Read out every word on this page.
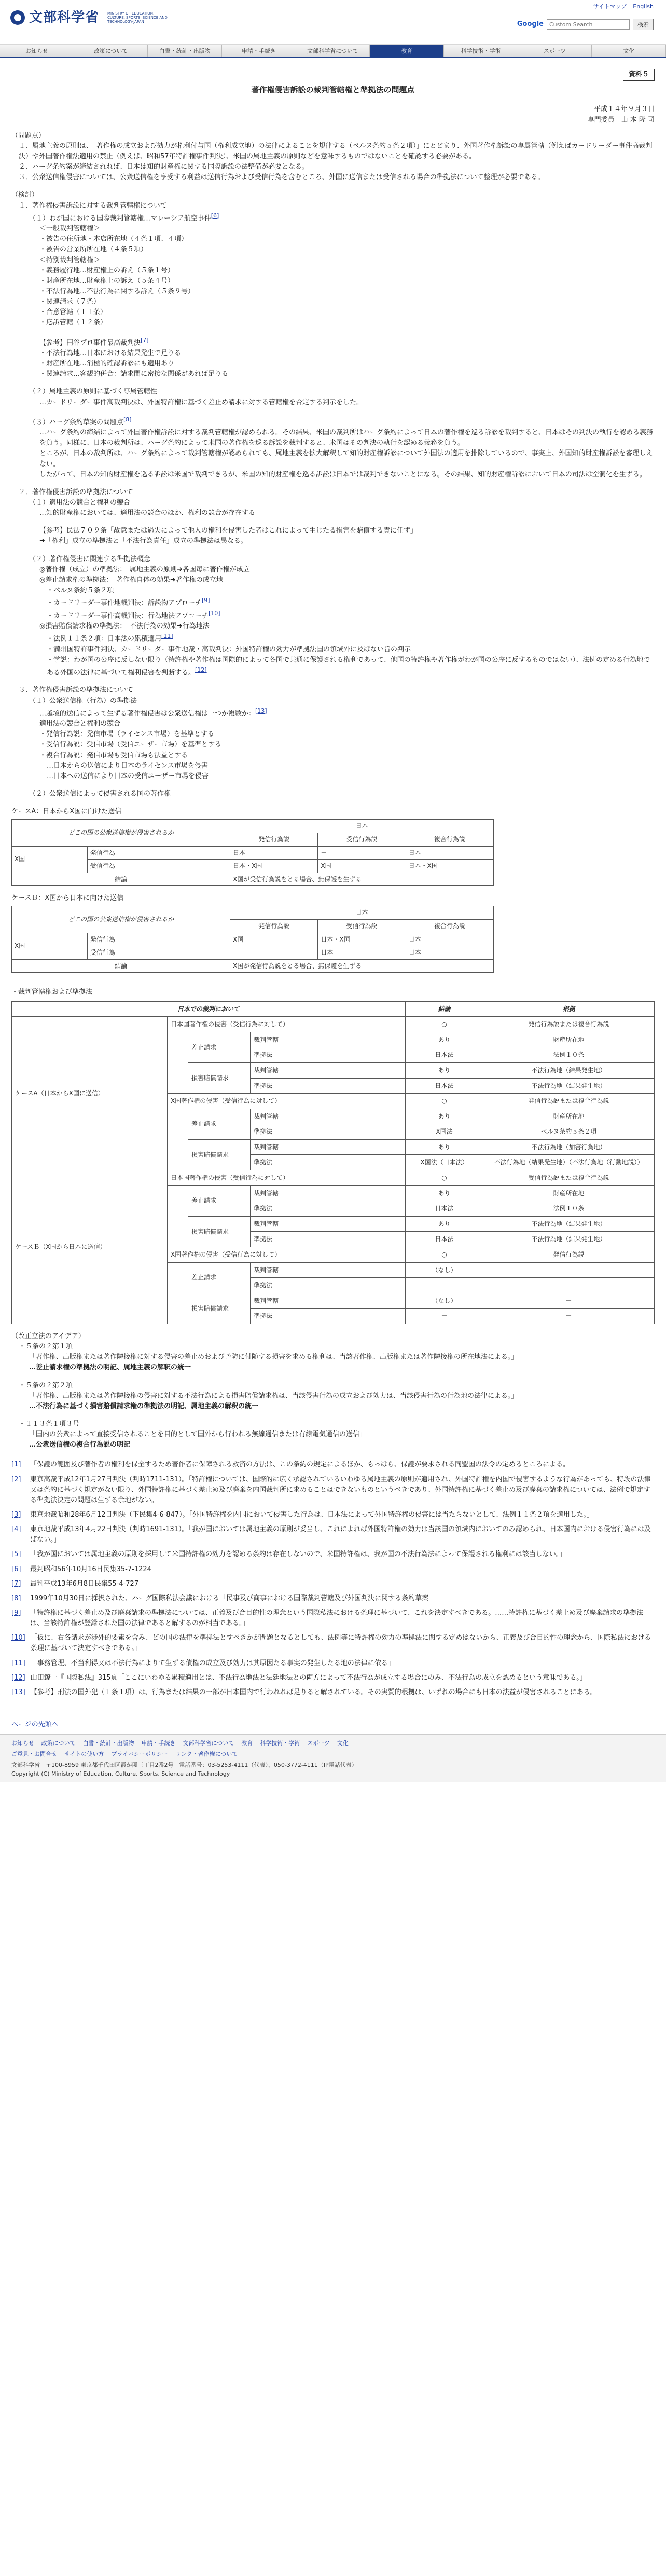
文部科学省 MINISTRY OF EDUCATION, CULTURE, SPORTS, SCIENCE AND TECHNOLOGY-JAPAN
サイトマップ English
Google
Custom Search	検索
お知らせ	政策について	白書・統計・出版物	申請・手続き	文部科学省について	教育	科学技術・学術	スポーツ	文化
資料５
著作権侵害訴訟の裁判管轄権と準拠法の問題点
平成１４年９月３日
専門委員　山 本 隆 司

（問題点）

１．属地主義の原則は、「著作権の成立および効力が権利付与国（権利成立地）の法律によることを規律する（ベルヌ条約５条２項）」にとどまり、外国著作権訴訟の専属管轄（例えばカードリーダー事件高裁判決）や外国著作権法適用の禁止（例えば、昭和57年特許権事件判決）、米国の属地主義の原則などを意味するものではないことを確認する必要がある。

２．ハーグ条約案が締結されれば、日本は知的財産権に関する国際訴訟の法整備が必要となる。

３．公衆送信権侵害については、公衆送信権を享受する利益は送信行為および受信行為を含むところ、外国に送信または受信される場合の準拠法について整理が必要である。

（検討）

１．著作権侵害訴訟に対する裁判管轄権について

（１）わが国における国際裁判管轄権…マレーシア航空事件[6]

＜一般裁判管轄権＞
・被告の住所地・本店所在地（４条１項、４項）
・被告の営業所所在地（４条５項）
＜特別裁判管轄権＞
・義務履行地…財産権上の訴え（５条１号）
・財産所在地…財産権上の訴え（５条４号）
・不法行為地…不法行為に関する訴え（５条９号）
・関連請求（７条）
・合意管轄（１１条）
・応訴管轄（１２条）
【参考】円谷プロ事件最高裁判決[7]
・不法行為地…日本における結果発生で足りる
・財産所在地…消極的確認訴訟にも適用あり
・関連請求…客観的併合：請求間に密接な関係があれば足りる

（２）属地主義の原則に基づく専属管轄性

…カードリーダー事件高裁判決は、外国特許権に基づく差止め請求に対する管轄権を否定する判示をした。

（３）ハーグ条約草案の問題点[8]

…ハーグ条約の締結によって外国著作権訴訟に対する裁判管轄権が認められる。その結果、米国の裁判所はハーグ条約によって日本の著作権を巡る訴訟を裁判すると、日本はその判決の執行を認める義務を負う。同様に、日本の裁判所は、ハーグ条約によって米国の著作権を巡る訴訟を裁判すると、米国はその判決の執行を認める義務を負う。

ところが、日本の裁判所は、ハーグ条約によって裁判管轄権が認められても、属地主義を拡大解釈して知的財産権訴訟について外国法の適用を排除しているので、事実上、外国知的財産権訴訟を審理しえない。

したがって、日本の知的財産権を巡る訴訟は米国で裁判できるが、米国の知的財産権を巡る訴訟は日本では裁判できないことになる。その結果、知的財産権訴訟において日本の司法は空洞化を生ずる。

２．著作権侵害訴訟の準拠法について

（１）適用法の競合と権利の競合

…知的財産権においては、適用法の競合のほか、権利の競合が存在する

【参考】民法７０９条「故意または過失によって他人の権利を侵害した者はこれによって生じたる損害を賠償する責に任ず」

➜「権利」成立の準拠法と「不法行為責任」成立の準拠法は異なる。

（２）著作権侵害に関連する準拠法概念

◎著作権（成立）の準拠法：　属地主義の原則➜各国毎に著作権が成立
◎差止請求権の準拠法：　著作権自体の効果➜著作権の成立地
・ベルヌ条約５条２項
・カードリーダー事件地裁判決：訴訟物アプローチ[9]
・カードリーダー事件高裁判決：行為地法アプローチ[10]
◎損害賠償請求権の準拠法：　不法行為の効果➜行為地法
・法例１１条２項：日本法の累積適用[11]
・満州国特許事件判決、カードリーダー事件地裁・高裁判決：外国特許権の効力が準拠法国の領域外に及ばない旨の判示
・学説：わが国の公序に反しない限り（特許権や著作権は国際的によって各国で共通に保護される権利であって、他国の特許権や著作権がわが国の公序に反するものではない）、法例の定める行為地である外国の法律に基づいて権利侵害を判断する。[12]

３．著作権侵害訴訟の準拠法について

（１）公衆送信権（行為）の準拠法

…越境的送信によって生ずる著作権侵害は公衆送信権は一つか複数か：[13]
適用法の競合と権利の競合
・発信行為説：発信市場（ライセンス市場）を基準とする
・受信行為説：受信市場（受信ユーザー市場）を基準とする
・複合行為説：発信市場も受信市場も法益とする
…日本からの送信により日本のライセンス市場を侵害
…日本への送信により日本の受信ユーザー市場を侵害

（２）公衆送信によって侵害される国の著作権

ケースA：日本からX国に向けた送信
どこの国の公衆送信権が侵害されるか		日本		
		発信行為説	受信行為説	複合行為説
X国	発信行為	日本	－	日本
	受信行為	日本・X国	X国	日本・X国
結論		X国が受信行為説をとる場合、無保護を生ずる		
ケースＢ：X国から日本に向けた送信
どこの国の公衆送信権が侵害されるか		日本		
		発信行為説	受信行為説	複合行為説
X国	発信行為	X国	日本・X国	日本
	受信行為	－	日本	日本
結論		X国が発信行為説をとる場合、無保護を生ずる		
・裁判管轄権および準拠法
日本での裁判において				結論	根拠
ケースA（日本からX国に送信）	日本国著作権の侵害（受信行為に対して）			○	発信行為説または複合行為説
		差止請求	裁判管轄	あり	財産所在地
			準拠法	日本法	法例１０条
		損害賠償請求	裁判管轄	あり	不法行為地（結果発生地）
			準拠法	日本法	不法行為地（結果発生地）
	X国著作権の侵害（受信行為に対して）			○	発信行為説または複合行為説
		差止請求	裁判管轄	あり	財産所在地
			準拠法	X国法	ベルヌ条約５条２項
		損害賠償請求	裁判管轄	あり	不法行為地（加害行為地）
			準拠法	X国法（日本法）	不法行為地（結果発生地）（不法行為地（行動地説））
ケースＢ（X国から日本に送信）	日本国著作権の侵害（受信行為に対して）			○	受信行為説または複合行為説
		差止請求	裁判管轄	あり	財産所在地
			準拠法	日本法	法例１０条
		損害賠償請求	裁判管轄	あり	不法行為地（結果発生地）
			準拠法	日本法	不法行為地（結果発生地）
	X国著作権の侵害（受信行為に対して）			○	発信行為説
		差止請求	裁判管轄	（なし）	－
			準拠法	－	－
		損害賠償請求	裁判管轄	（なし）	－
			準拠法	－	－
（改正立法のアイデア）
・５条の２第１項
「著作権、出版権または著作隣接権に対する侵害の差止めおよび予防に付随する損害を求める権利は、当該著作権、出版権または著作隣接権の所在地法による。」
…差止請求権の準拠法の明記、属地主義の解釈の統一
・５条の２第２項
「著作権、出版権または著作隣接権の侵害に対する不法行為による損害賠償請求権は、当該侵害行為の成立および効力は、当該侵害行為の行為地の法律による。」
…不法行為に基づく損害賠償請求権の準拠法の明記、属地主義の解釈の統一
・１１３条１項３号
「国内の公衆によって直接受信されることを目的として国外から行われる無線通信または有線電気通信の送信」
…公衆送信権の複合行為説の明記
[1]	「保護の範囲及び著作者の権利を保全するため著作者に保障される救済の方法は、この条約の規定によるほか、もっぱら、保護が要求される同盟国の法令の定めるところによる。」
[2]	東京高裁平成12年1月27日判決（判時1711-131）。「特許権については、国際的に広く承認されているいわゆる属地主義の原則が適用され、外国特許権を内国で侵害するような行為があっても、特段の法律又は条約に基づく規定がない限り、外国特許権に基づく差止め及び廃棄を内国裁判所に求めることはできないものというべきであり、外国特許権に基づく差止め及び廃棄の請求権については、法例で規定する準拠法決定の問題は生ずる余地がない。」
[3]	東京地裁昭和28年6月12日判決（下民集4-6-847）。「外国特許権を内国において侵害した行為は、日本法によって外国特許権の侵害には当たらないとして、法例１１条２項を適用した。」
[4]	東京地裁平成13年4月22日判決（判時1691-131）。「我が国においては属地主義の原則が妥当し、これによれば外国特許権の効力は当該国の領域内においてのみ認められ、日本国内における侵害行為には及ばない。」
[5]	「我が国においては属地主義の原則を採用して米国特許権の効力を認める条約は存在しないので、米国特許権は、我が国の不法行為法によって保護される権利には該当しない。」
[6]	最判昭和56年10月16日民集35-7-1224
[7]	最判平成13年6月8日民集55-4-727
[8]	1999年10月30日に採択された、ハーグ国際私法会議における「民事及び商事における国際裁判管轄及び外国判決に関する条約草案」
[9]	「特許権に基づく差止め及び廃棄請求の準拠法については、正義及び合目的性の理念という国際私法における条理に基づいて、これを決定すべきである。……特許権に基づく差止め及び廃棄請求の準拠法は、当該特許権が登録された国の法律であると解するのが相当である。」
[10] 「仮に、右各請求が涉外的要素を含み、どの国の法律を準拠法とすべきかが問題となるとしても、法例等に特許権の効力の準拠法に関する定めはないから、正義及び合目的性の理念から、国際私法における条理に基づいて決定すべきである。」
[11] 「事務管理、不当利得又は不法行為によりて生ずる債権の成立及び効力は其原因たる事実の発生したる地の法律に依る」
[12] 山田鐐一『国際私法』315頁「ここにいわゆる累積適用とは、不法行為地法と法廷地法との両方によって不法行為が成立する場合にのみ、不法行為の成立を認めるという意味である。」
[13] 【参考】刑法の国外犯（１条１項）は、行為または結果の一部が日本国内で行われれば足りると解されている。その実質的根拠は、いずれの場合にも日本の法益が侵害されることにある。
ページの先頭へ
お知らせ 政策について 白書・統計・出版物 申請・手続き 文部科学省について 教育 科学技術・学術 スポーツ 文化
ご意見・お問合せ サイトの使い方 プライバシーポリシー リンク・著作権について
文部科学省　〒100-8959 東京都千代田区霞が関三丁目2番2号　電話番号：03-5253-4111（代表）、050-3772-4111（IP電話代表）
Copyright (C) Ministry of Education, Culture, Sports, Science and Technology
